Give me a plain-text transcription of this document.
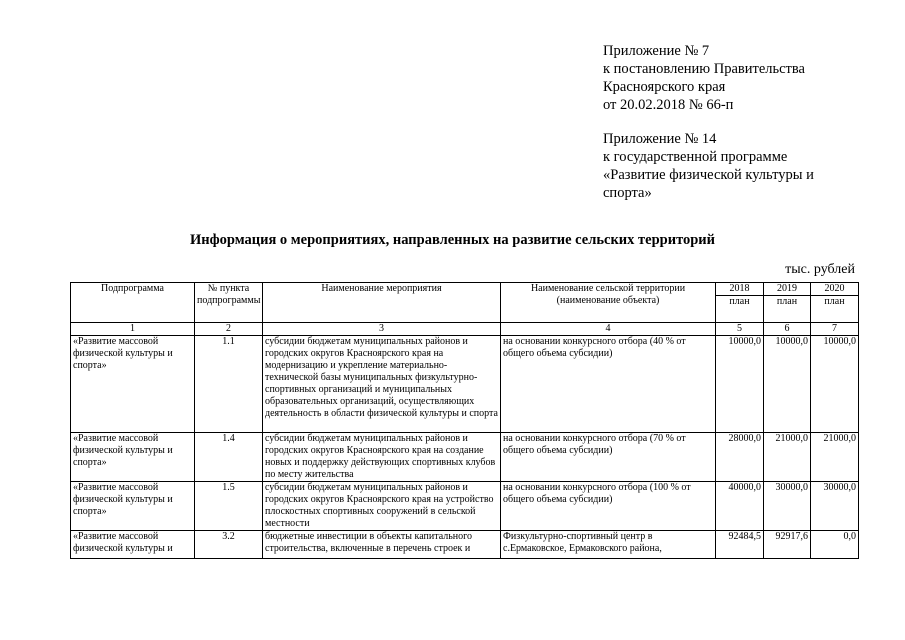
Приложение № 7
к постановлению Правительства
Красноярского края
от 20.02.2018 № 66-п
Приложение № 14
к государственной программе
«Развитие физической культуры и
спорта»
Информация о мероприятиях, направленных на развитие сельских территорий
тыс. рублей
Подпрограмма	№ пункта подпрограммы	Наименование мероприятия	Наименование сельской территории (наименование объекта)	2018	2019	2020
				план	план	план
1	2	3	4	5	6	7
«Развитие массовой физической культуры и спорта»	1.1	субсидии бюджетам муниципальных районов и городских округов Красноярского края на модернизацию и укрепление материально-технической базы муниципальных физкультурно-спортивных организаций и муниципальных образовательных организаций, осуществляющих деятельность в области физической культуры и спорта	на основании конкурсного отбора (40 % от общего объема субсидии)	10000,0	10000,0	10000,0
«Развитие массовой физической культуры и спорта»	1.4	субсидии бюджетам муниципальных районов и городских округов Красноярского края на создание новых и поддержку действующих спортивных клубов по месту жительства	на основании конкурсного отбора (70 % от общего объема субсидии)	28000,0	21000,0	21000,0
«Развитие массовой физической культуры и спорта»	1.5	субсидии бюджетам муниципальных районов и городских округов Красноярского края на устройство плоскостных спортивных сооружений в сельской местности	на основании конкурсного отбора (100 % от общего объема субсидии)	40000,0	30000,0	30000,0
«Развитие массовой физической культуры и	3.2	бюджетные инвестиции в объекты капитального строительства, включенные в перечень строек и	Физкультурно-спортивный центр в с.Ермаковское, Ермаковского района,	92484,5	92917,6	0,0
